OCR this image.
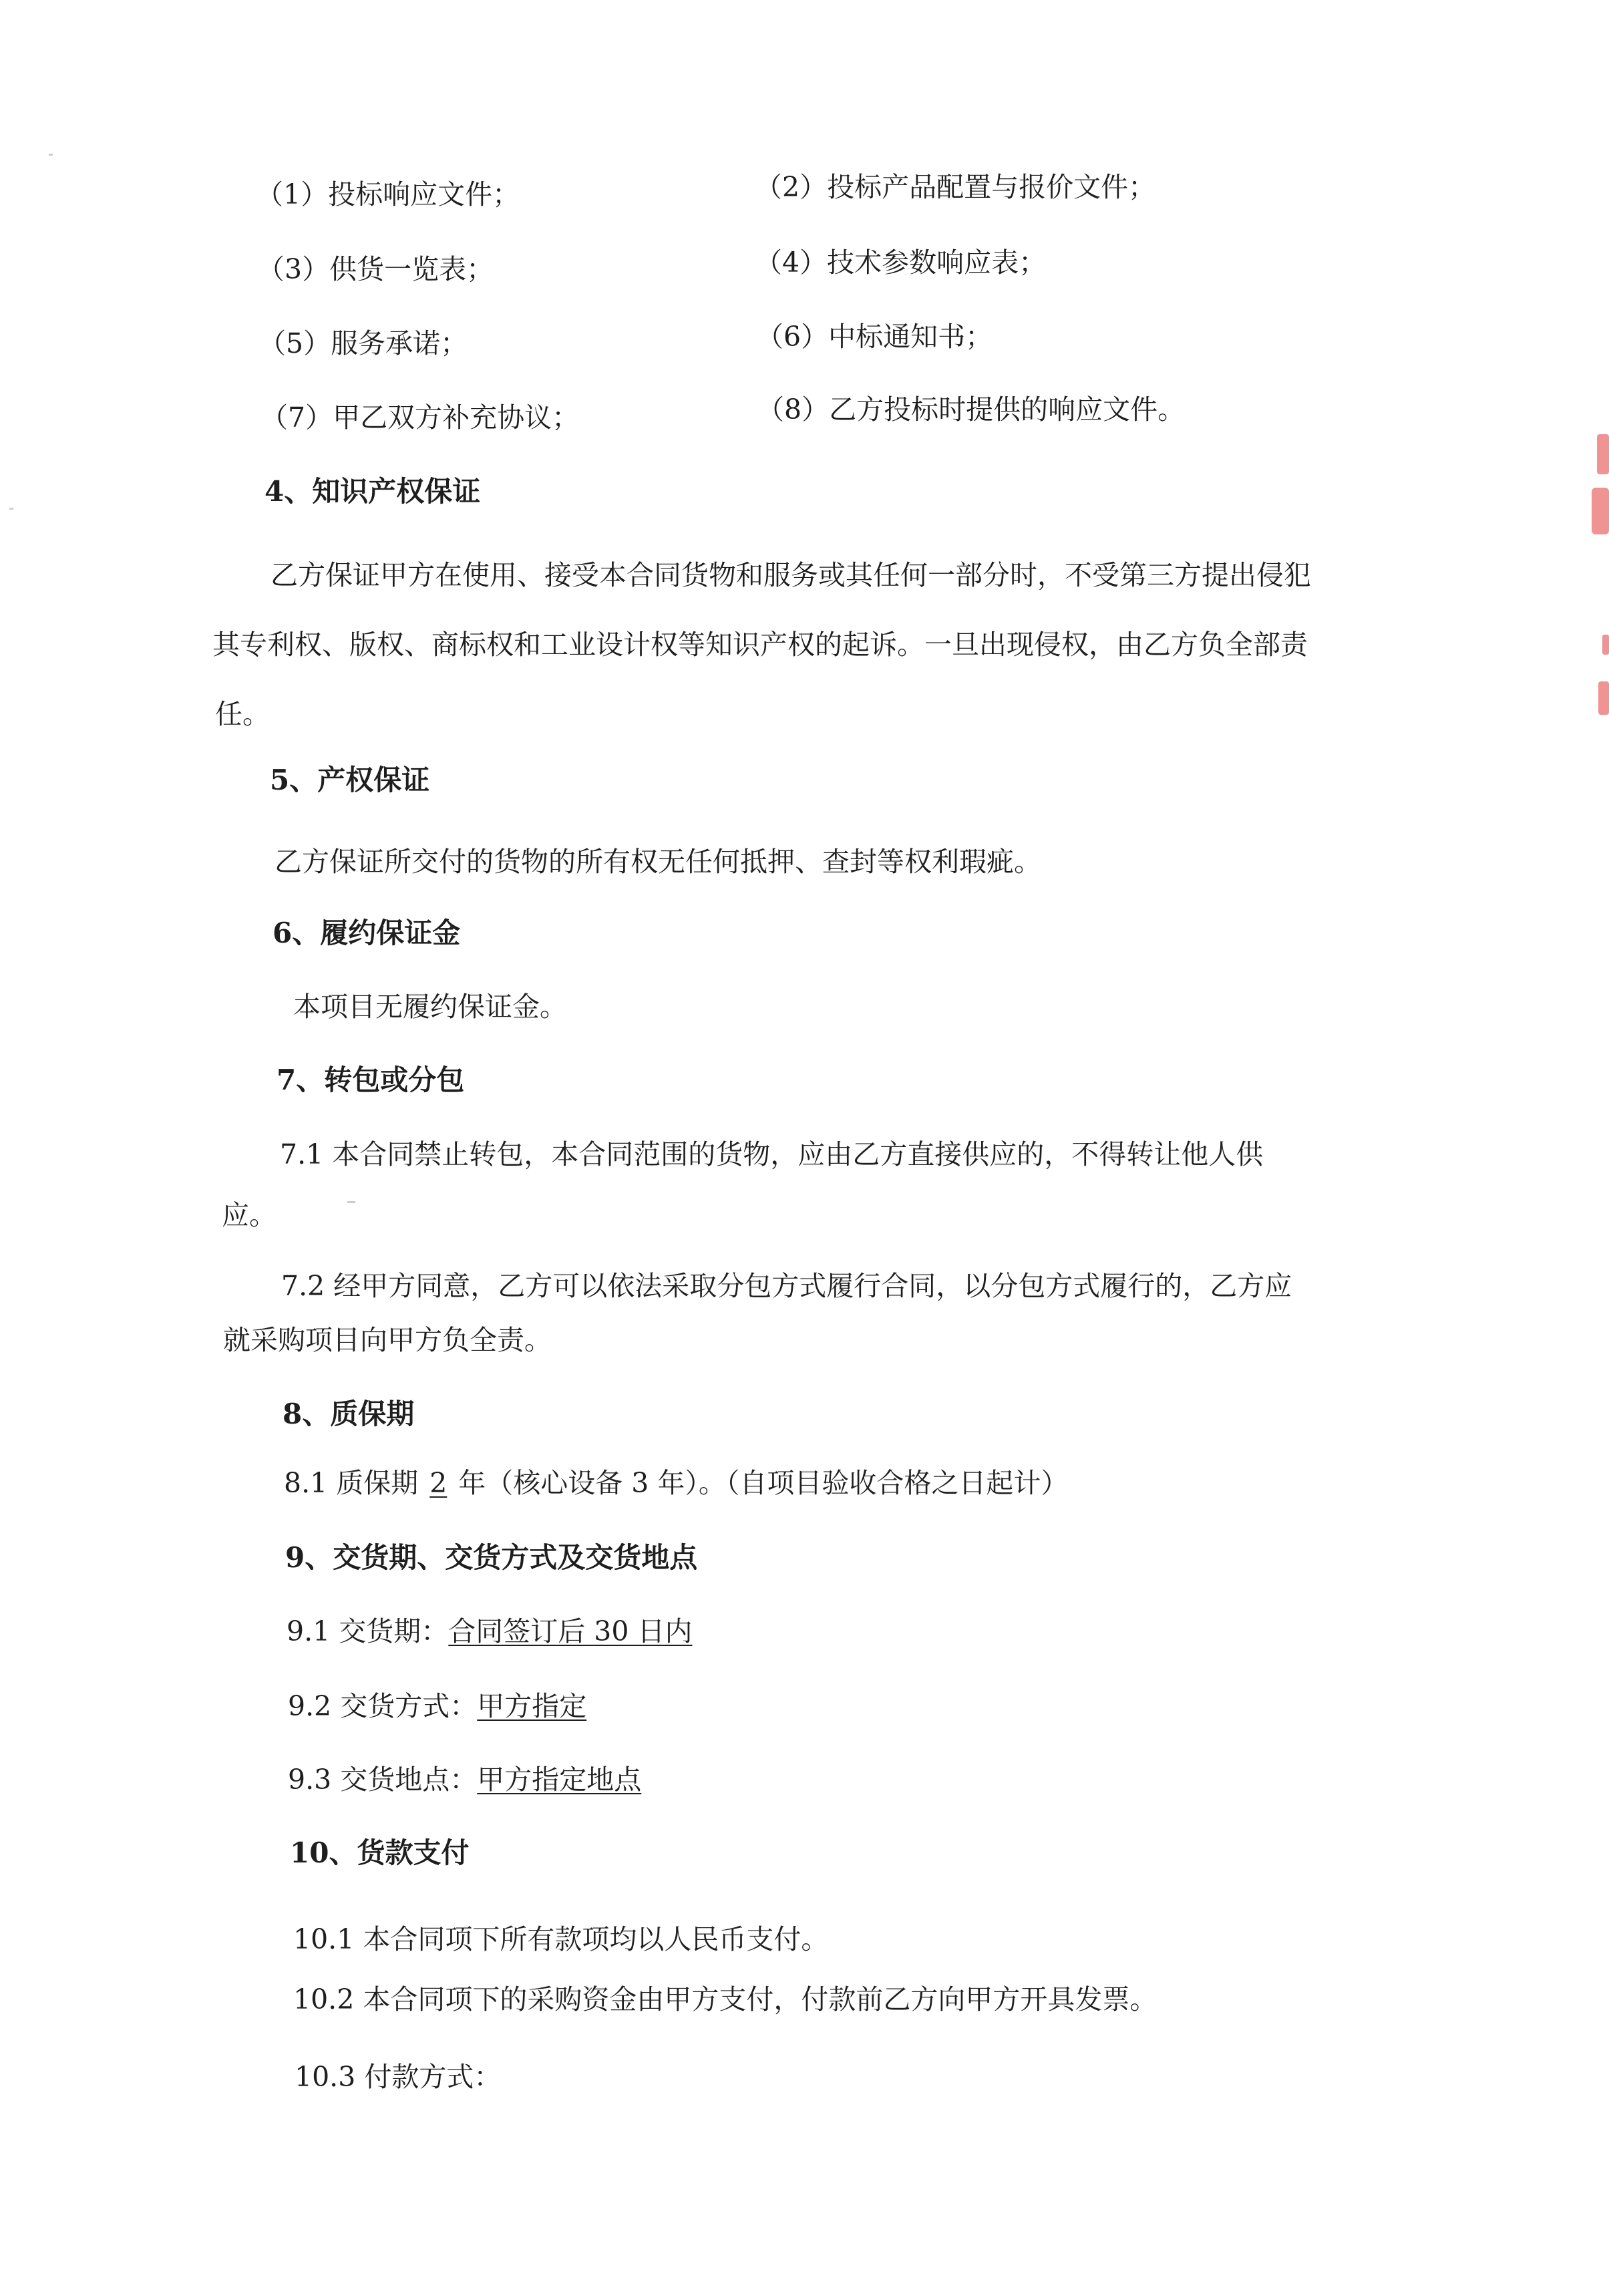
（1）投标响应文件；	（2）投标产品配置与报价文件；
（3）供货一览表；	（4）技术参数响应表；
（5）服务承诺；	（6）中标通知书；
（7）甲乙双方补充协议；	（8）乙方投标时提供的响应文件。
4、知识产权保证
乙方保证甲方在使用、接受本合同货物和服务或其任何一部分时，不受第三方提出侵犯
其专利权、版权、商标权和工业设计权等知识产权的起诉。一旦出现侵权，由乙方负全部责
任。
5、产权保证
乙方保证所交付的货物的所有权无任何抵押、查封等权利瑕疵。
6、履约保证金
本项目无履约保证金。
7、转包或分包
7.1 本合同禁止转包，本合同范围的货物，应由乙方直接供应的，不得转让他人供
应。
7.2 经甲方同意，乙方可以依法采取分包方式履行合同，以分包方式履行的，乙方应
就采购项目向甲方负全责。
8、质保期
8.1 质保期 2 年（核心设备 3 年）。（自项目验收合格之日起计）
9、交货期、交货方式及交货地点
9.1 交货期：合同签订后 30 日内
9.2 交货方式：甲方指定
9.3 交货地点：甲方指定地点
10、货款支付
10.1 本合同项下所有款项均以人民币支付。
10.2 本合同项下的采购资金由甲方支付，付款前乙方向甲方开具发票。
10.3 付款方式：
